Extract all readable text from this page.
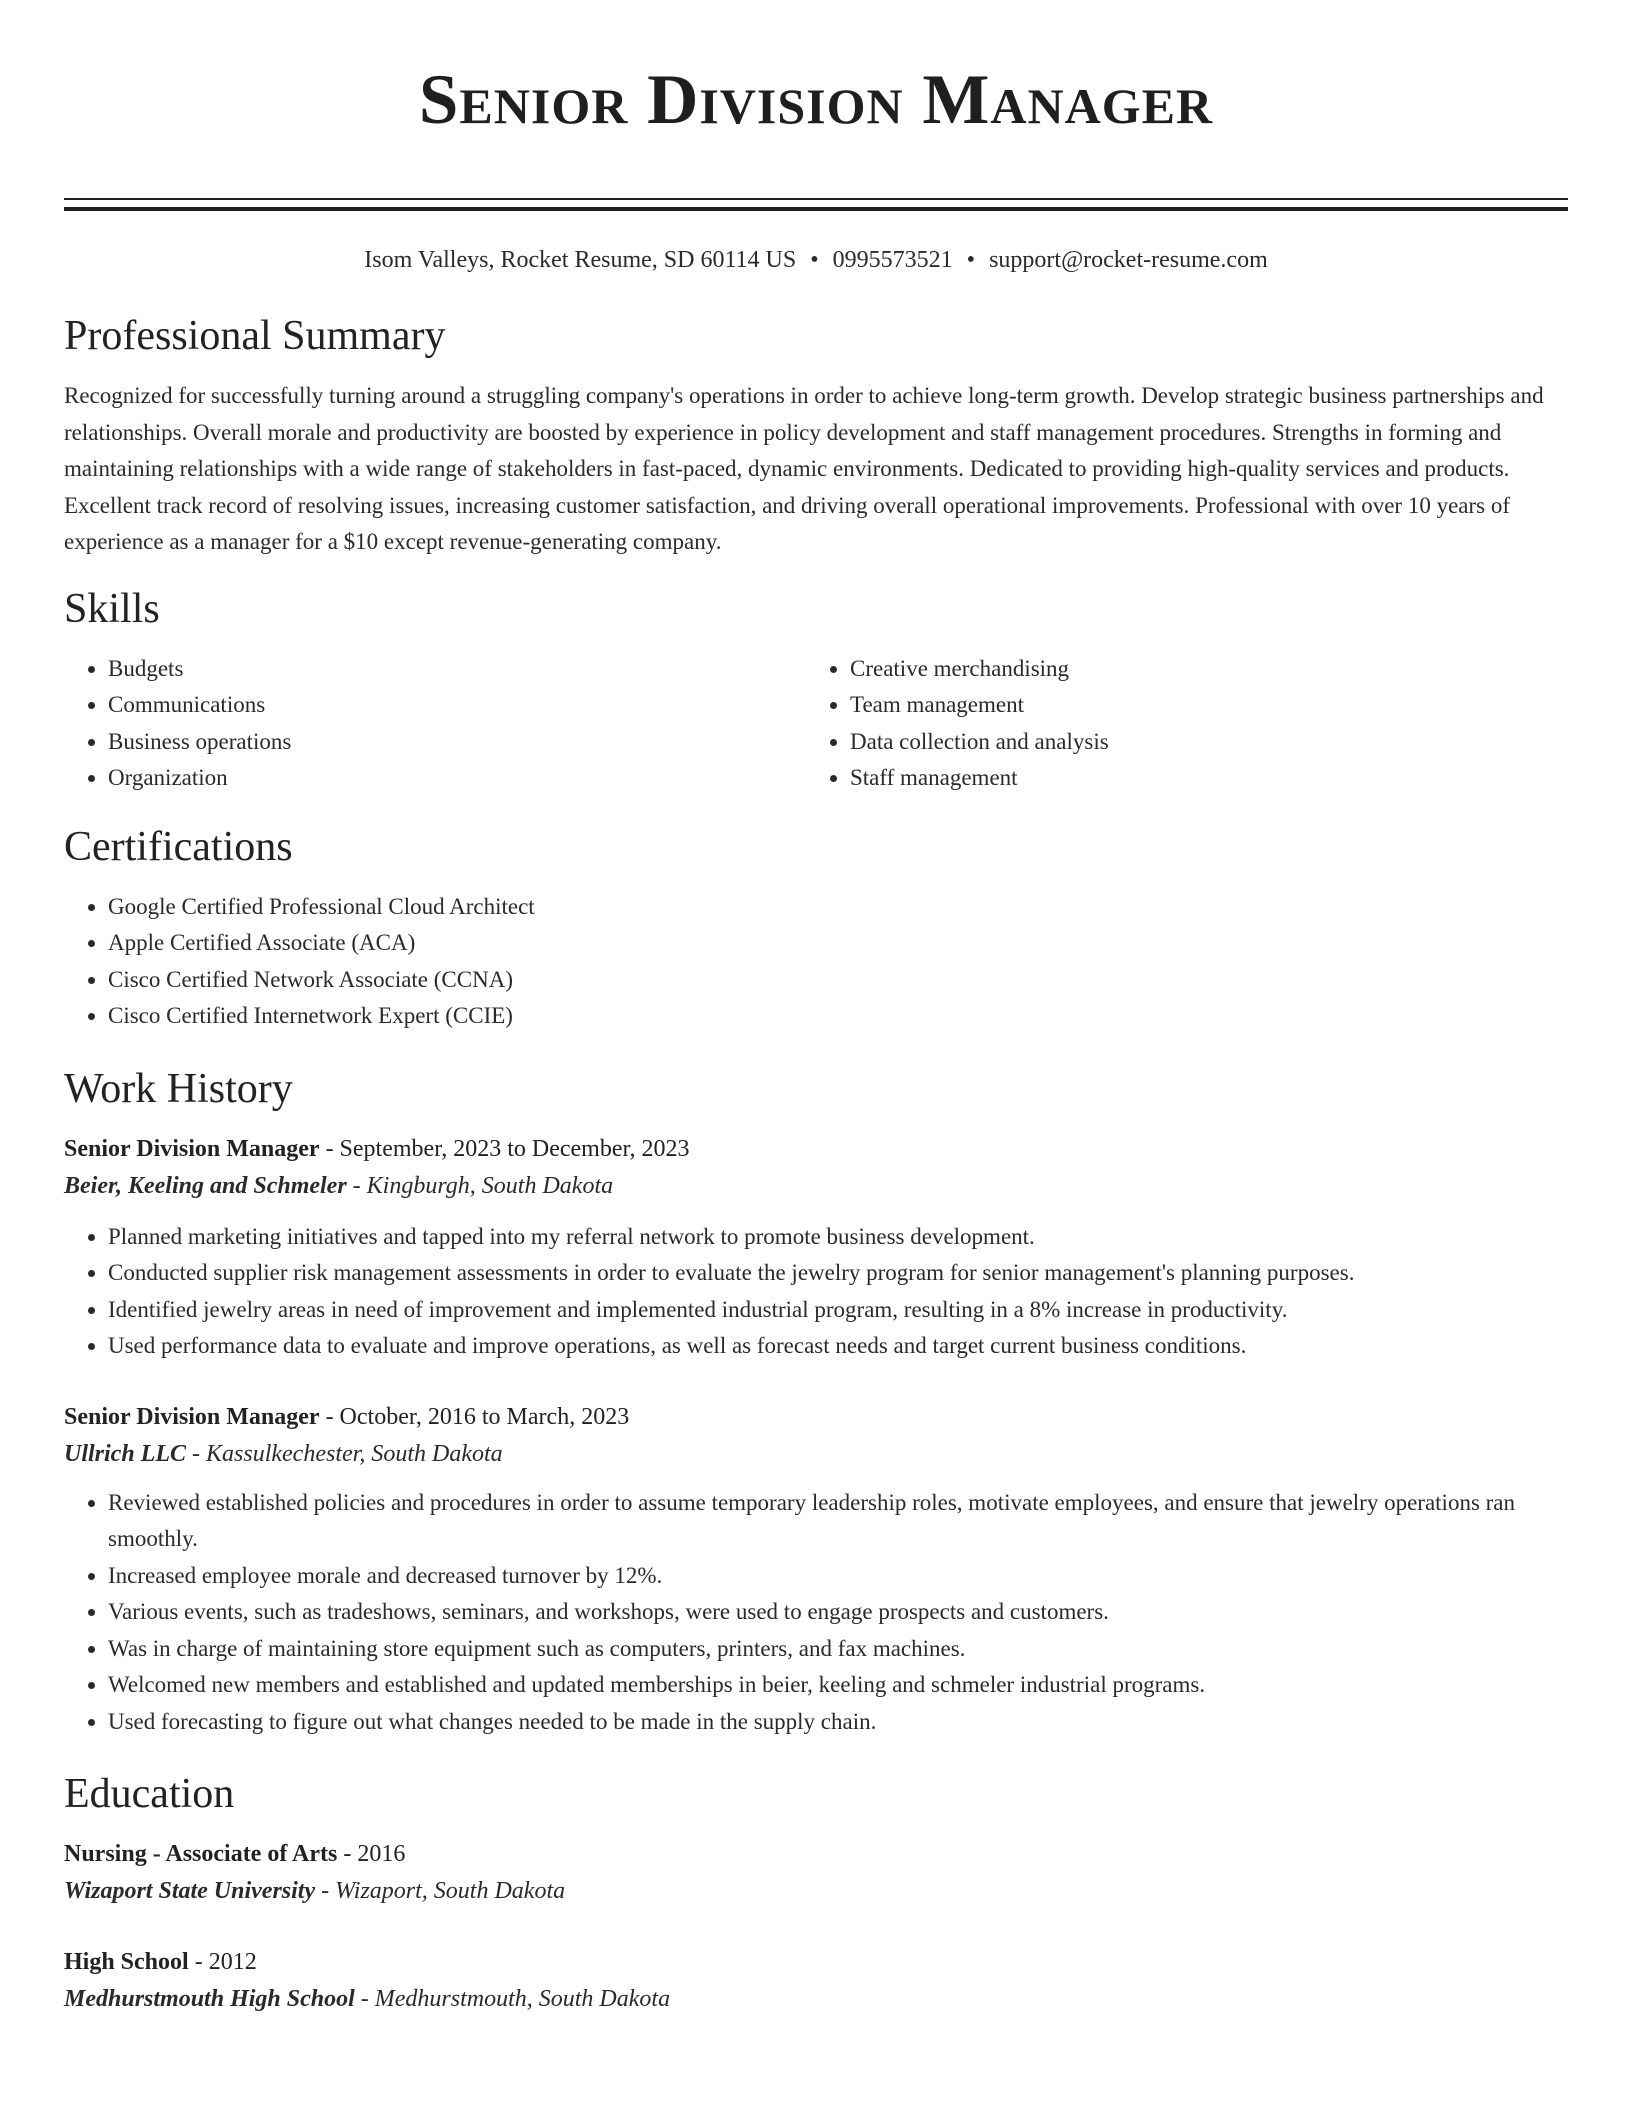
Senior Division Manager
Isom Valleys, Rocket Resume, SD 60114 US • 0995573521 • support@rocket-resume.com
Professional Summary

Recognized for successfully turning around a struggling company's operations in order to achieve long-term growth. Develop strategic business partnerships and relationships. Overall morale and productivity are boosted by experience in policy development and staff management procedures. Strengths in forming and maintaining relationships with a wide range of stakeholders in fast-paced, dynamic environments. Dedicated to providing high-quality services and products. Excellent track record of resolving issues, increasing customer satisfaction, and driving overall operational improvements. Professional with over 10 years of experience as a manager for a $10 except revenue-generating company.

Skills
• Budgets
• Communications
• Business operations
• Organization
• Creative merchandising
• Team management
• Data collection and analysis
• Staff management
Certifications
• Google Certified Professional Cloud Architect
• Apple Certified Associate (ACA)
• Cisco Certified Network Associate (CCNA)
• Cisco Certified Internetwork Expert (CCIE)
Work History
Senior Division Manager - September, 2023 to December, 2023
Beier, Keeling and Schmeler - Kingburgh, South Dakota
• Planned marketing initiatives and tapped into my referral network to promote business development.
• Conducted supplier risk management assessments in order to evaluate the jewelry program for senior management's planning purposes.
• Identified jewelry areas in need of improvement and implemented industrial program, resulting in a 8% increase in productivity.
• Used performance data to evaluate and improve operations, as well as forecast needs and target current business conditions.
Senior Division Manager - October, 2016 to March, 2023
Ullrich LLC - Kassulkechester, South Dakota
• Reviewed established policies and procedures in order to assume temporary leadership roles, motivate employees, and ensure that jewelry operations ran smoothly.
• Increased employee morale and decreased turnover by 12%.
• Various events, such as tradeshows, seminars, and workshops, were used to engage prospects and customers.
• Was in charge of maintaining store equipment such as computers, printers, and fax machines.
• Welcomed new members and established and updated memberships in beier, keeling and schmeler industrial programs.
• Used forecasting to figure out what changes needed to be made in the supply chain.
Education
Nursing - Associate of Arts - 2016
Wizaport State University - Wizaport, South Dakota
High School - 2012
Medhurstmouth High School - Medhurstmouth, South Dakota
